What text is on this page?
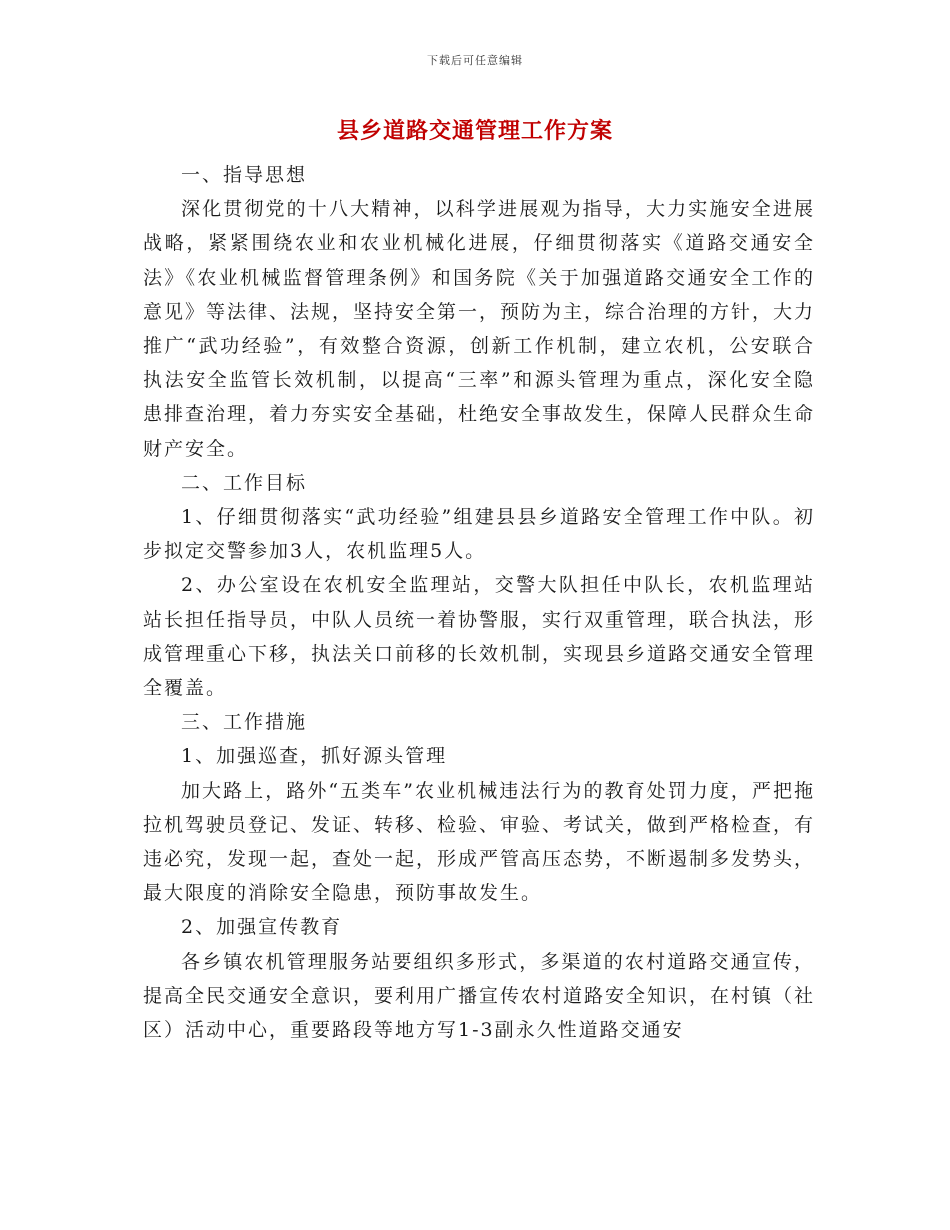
下载后可任意编辑
县乡道路交通管理工作方案

一、指导思想

深化贯彻党的十八大精神，以科学进展观为指导，大力实施安全进展战略，紧紧围绕农业和农业机械化进展，仔细贯彻落实《道路交通安全法》《农业机械监督管理条例》和国务院《关于加强道路交通安全工作的意见》等法律、法规，坚持安全第一，预防为主，综合治理的方针，大力推广“武功经验”，有效整合资源，创新工作机制，建立农机，公安联合执法安全监管长效机制，以提高“三率”和源头管理为重点，深化安全隐患排查治理，着力夯实安全基础，杜绝安全事故发生，保障人民群众生命财产安全。

二、工作目标

1、仔细贯彻落实“武功经验”组建县县乡道路安全管理工作中队。初步拟定交警参加3人，农机监理5人。

2、办公室设在农机安全监理站，交警大队担任中队长，农机监理站站长担任指导员，中队人员统一着协警服，实行双重管理，联合执法，形成管理重心下移，执法关口前移的长效机制，实现县乡道路交通安全管理全覆盖。

三、工作措施

1、加强巡查，抓好源头管理

加大路上，路外“五类车”农业机械违法行为的教育处罚力度，严把拖拉机驾驶员登记、发证、转移、检验、审验、考试关，做到严格检查，有违必究，发现一起，查处一起，形成严管高压态势，不断遏制多发势头，最大限度的消除安全隐患，预防事故发生。

2、加强宣传教育

各乡镇农机管理服务站要组织多形式，多渠道的农村道路交通宣传，提高全民交通安全意识，要利用广播宣传农村道路安全知识，在村镇（社区）活动中心，重要路段等地方写1-3副永久性道路交通安
